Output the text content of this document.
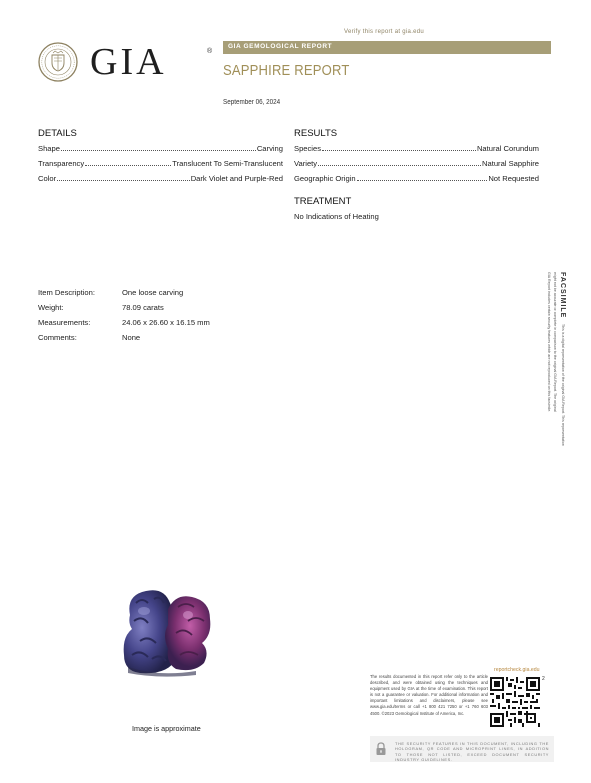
Verify this report at gia.edu
GIA	®
GIA GEMOLOGICAL REPORT
SAPPHIRE REPORT
September 06, 2024
DETAILS
Shape	Carving
Transparency	Translucent To Semi-Translucent
Color	Dark Violet and Purple-Red
RESULTS
Species	Natural Corundum
Variety	Natural Sapphire
Geographic Origin	Not Requested
TREATMENT
No Indications of Heating
Item Description:	One loose carving
Weight:	78.09 carats
Measurements:	24.06 x 26.60 x 16.15 mm
Comments:	None
FACSIMILE
This is a digital representation of the original GIA Report. This representation
might not be accurate or complete in comparison to the original GIA Report. The original
GIA Report includes certain security features which are not reproduced on this facsimile.
Image is approximate
The results documented in this report refer only to the article described, and were obtained using the techniques and equipment used by GIA at the time of examination. This report is not a guarantee or valuation. For additional information and important limitations and disclaimers, please see www.gia.edu/terms or call +1 800 421 7250 or +1 760 603 4500. ©2023 Gemological Institute of America, Inc.
reportcheck.gia.edu
2
THE SECURITY FEATURES IN THIS DOCUMENT, INCLUDING THE HOLOGRAM, QR CODE AND MICROPRINT LINES, IN ADDITION TO THOSE NOT LISTED, EXCEED DOCUMENT SECURITY INDUSTRY GUIDELINES.
